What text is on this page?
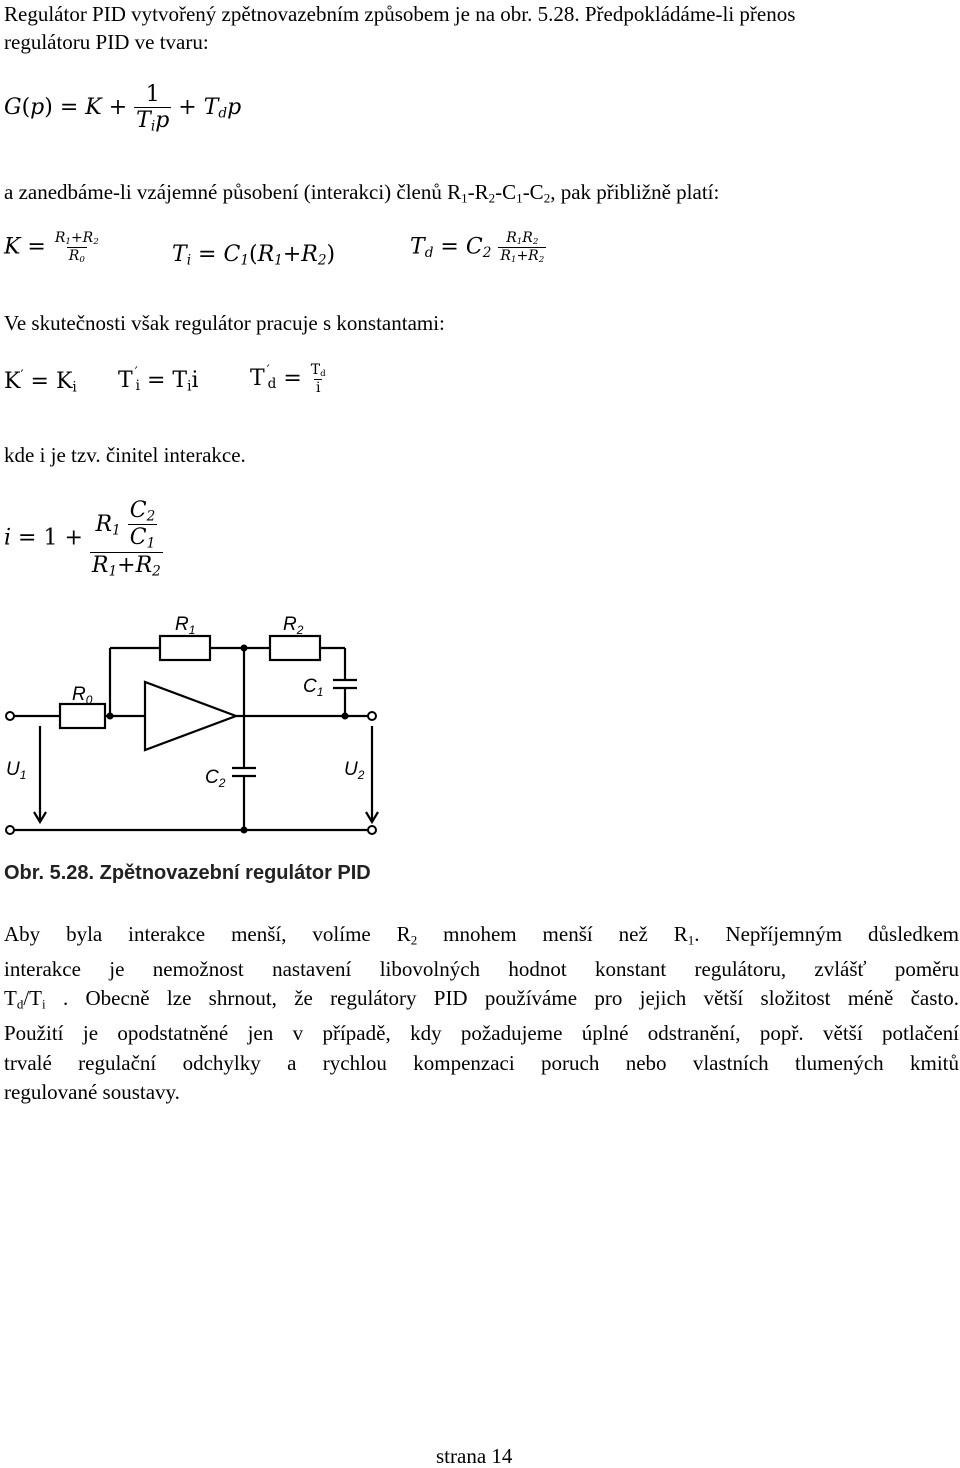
Regulátor PID vytvořený zpětnovazebním způsobem je na obr. 5.28. Předpokládáme-li přenos
regulátoru PID ve tvaru:
$G(p) = K + \frac{1}{T_ip} + T_dp$
a zanedbáme-li vzájemné působení (interakci) členů $R_1-R_2-C_1-C_2$, pak přibližně platí:
$K = \frac{R_1+R_2}{R_0}$	$T_i = C_1(R_1+R_2)$	$T_d = C_2 \frac{R_1R_2}{R_1+R_2}$
Ve skutečnosti však regulátor pracuje s konstantami:
$K' = K_i$ T $_{'i} = T_ii$ T $_{'d} = \frac{T_d}{i}$
kde i je tzv. činitel interakce.
$i = 1 + \frac{R_1 \frac{C_2}{C_1}}{R_1+R_2}$
$R_1$	$R_2$
$R_0$
$C_1$
$C_2$
$U_1$	$U_2$
Obr. 5.28. Zpětnovazební regulátor PID
Aby byla interakce menší, volíme $R_2$ mnohem menší než $R_1$. Nepříjemným důsledkem
interakce je nemožnost nastavení libovolných hodnot konstant regulátoru, zvlášť poměru
$T_d/T_i$ . Obecně lze shrnout, že regulátory PID používáme pro jejich větší složitost méně často.
Použití je opodstatněné jen v případě, kdy požadujeme úplné odstranění, popř. větší potlačení
trvalé regulační odchylky a rychlou kompenzaci poruch nebo vlastních tlumených kmitů
regulované soustavy.
strana 14
